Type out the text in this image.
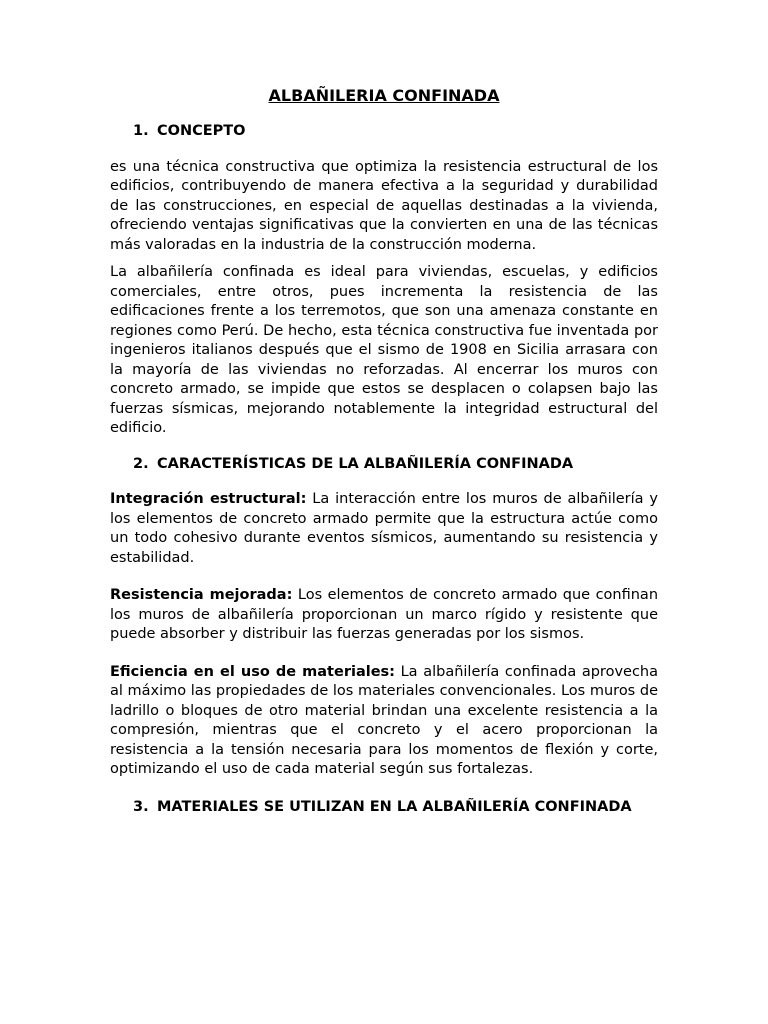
ALBAÑILERIA CONFINADA
1. CONCEPTO

es una técnica constructiva que optimiza la resistencia estructural de los edificios, contribuyendo de manera efectiva a la seguridad y durabilidad de las construcciones, en especial de aquellas destinadas a la vivienda, ofreciendo ventajas significativas que la convierten en una de las técnicas más valoradas en la industria de la construcción moderna.

La albañilería confinada es ideal para viviendas, escuelas, y edificios comerciales, entre otros, pues incrementa la resistencia de las edificaciones frente a los terremotos, que son una amenaza constante en regiones como Perú. De hecho, esta técnica constructiva fue inventada por ingenieros italianos después que el sismo de 1908 en Sicilia arrasara con la mayoría de las viviendas no reforzadas. Al encerrar los muros con concreto armado, se impide que estos se desplacen o colapsen bajo las fuerzas sísmicas, mejorando notablemente la integridad estructural del edificio.

2. CARACTERÍSTICAS DE LA ALBAÑILERÍA CONFINADA

Integración estructural: La interacción entre los muros de albañilería y los elementos de concreto armado permite que la estructura actúe como un todo cohesivo durante eventos sísmicos, aumentando su resistencia y estabilidad.

Resistencia mejorada: Los elementos de concreto armado que confinan los muros de albañilería proporcionan un marco rígido y resistente que puede absorber y distribuir las fuerzas generadas por los sismos.

Eficiencia en el uso de materiales: La albañilería confinada aprovecha al máximo las propiedades de los materiales convencionales. Los muros de ladrillo o bloques de otro material brindan una excelente resistencia a la compresión, mientras que el concreto y el acero proporcionan la resistencia a la tensión necesaria para los momentos de flexión y corte, optimizando el uso de cada material según sus fortalezas.

3. MATERIALES SE UTILIZAN EN LA ALBAÑILERÍA CONFINADA
